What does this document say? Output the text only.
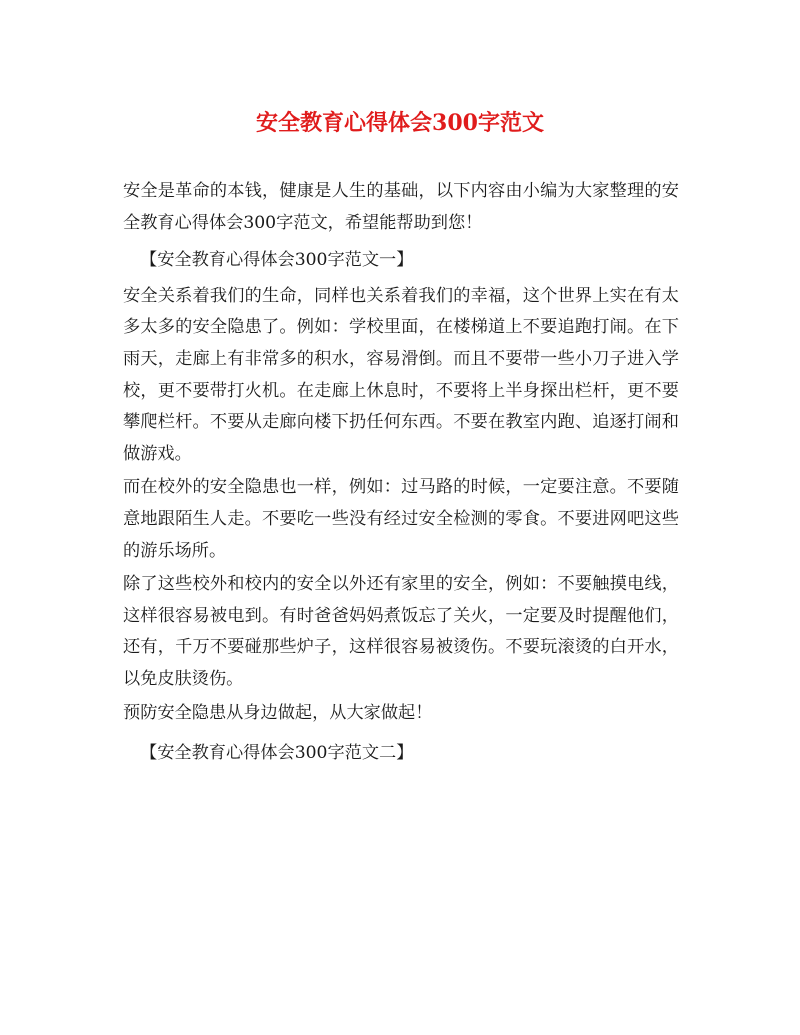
安全教育心得体会300字范文

安全是革命的本钱，健康是人生的基础，以下内容由小编为大家整理的安全教育心得体会300字范文，希望能帮助到您！

【安全教育心得体会300字范文一】

安全关系着我们的生命，同样也关系着我们的幸福，这个世界上实在有太多太多的安全隐患了。例如：学校里面，在楼梯道上不要追跑打闹。在下雨天，走廊上有非常多的积水，容易滑倒。而且不要带一些小刀子进入学校，更不要带打火机。在走廊上休息时，不要将上半身探出栏杆，更不要攀爬栏杆。不要从走廊向楼下扔任何东西。不要在教室内跑、追逐打闹和做游戏。

而在校外的安全隐患也一样，例如：过马路的时候，一定要注意。不要随意地跟陌生人走。不要吃一些没有经过安全检测的零食。不要进网吧这些的游乐场所。

除了这些校外和校内的安全以外还有家里的安全，例如：不要触摸电线，这样很容易被电到。有时爸爸妈妈煮饭忘了关火，一定要及时提醒他们，还有，千万不要碰那些炉子，这样很容易被烫伤。不要玩滚烫的白开水，以免皮肤烫伤。

预防安全隐患从身边做起，从大家做起！

【安全教育心得体会300字范文二】
